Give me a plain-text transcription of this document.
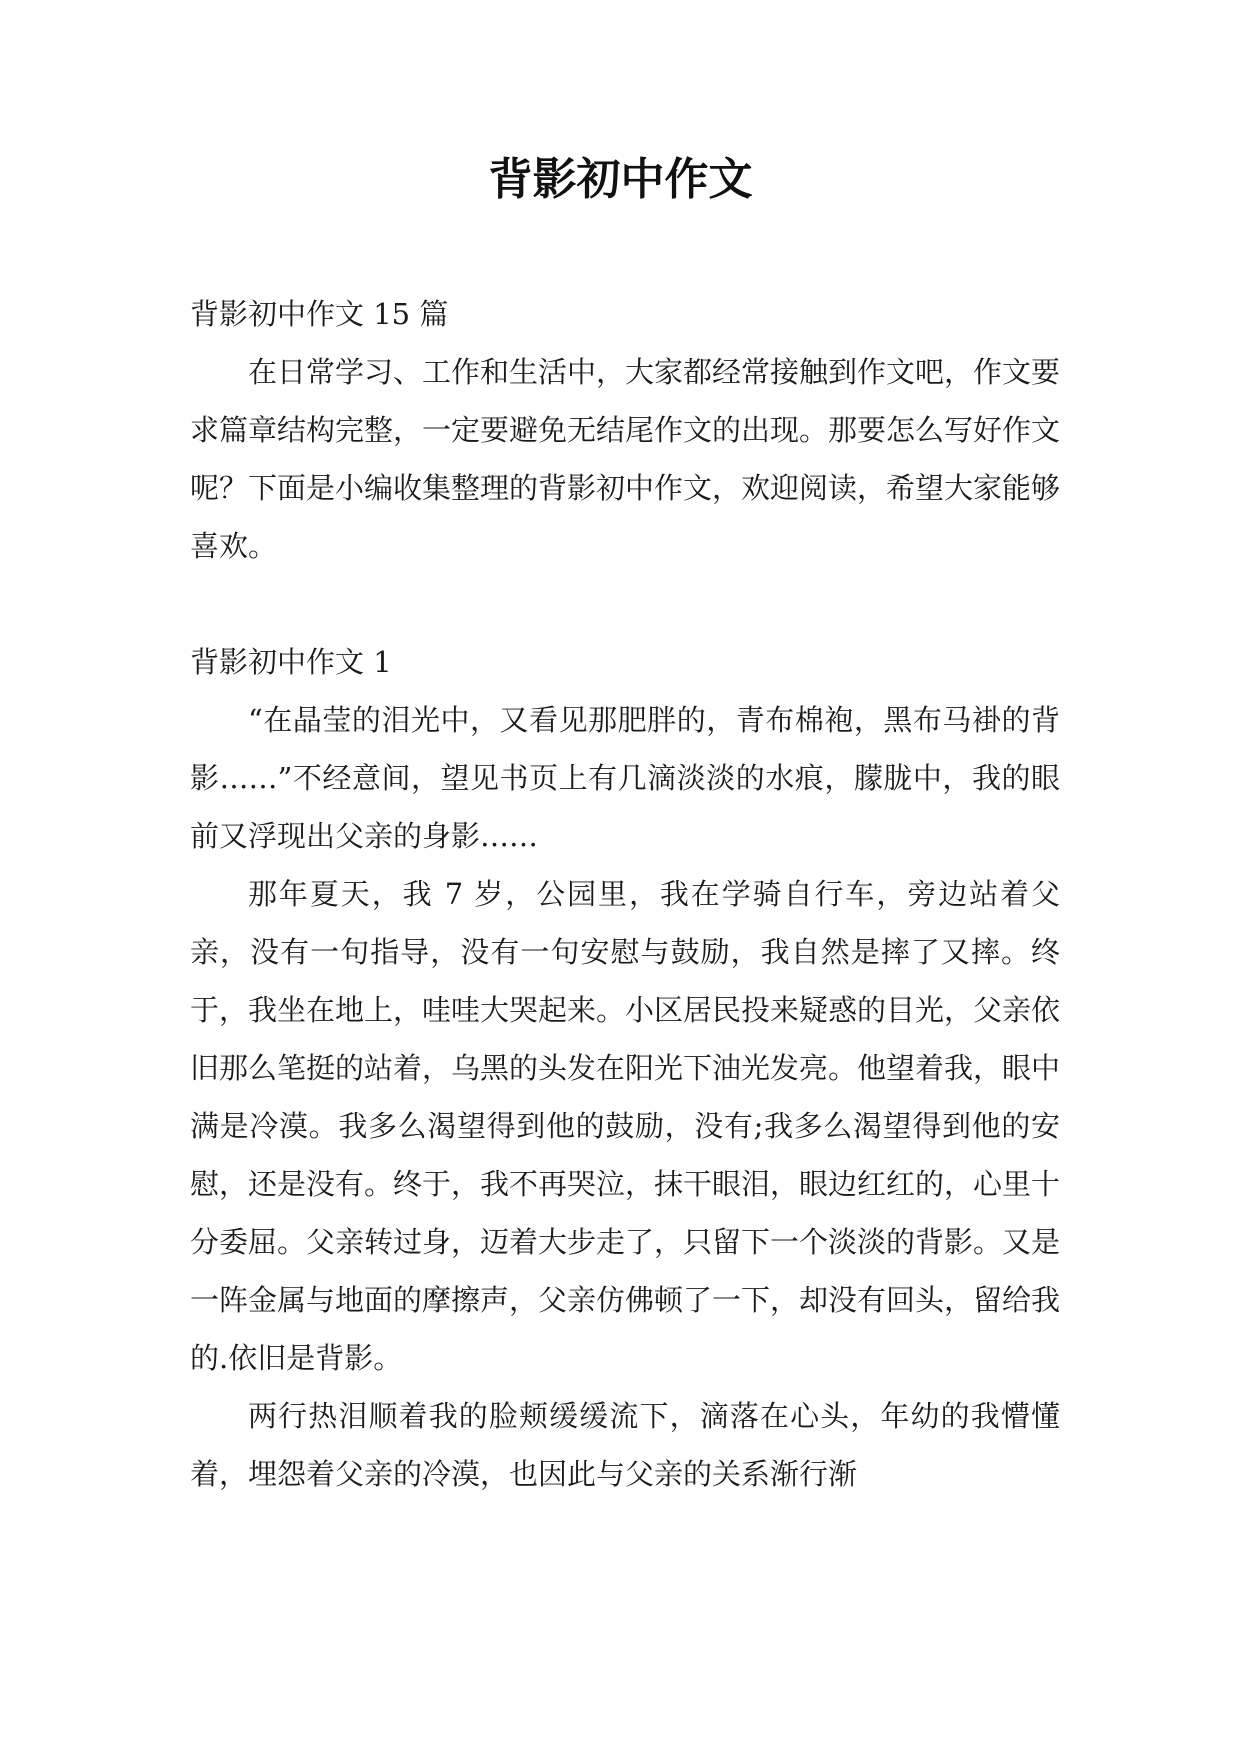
背影初中作文

背影初中作文 15 篇

在日常学习、工作和生活中，大家都经常接触到作文吧，作文要求篇章结构完整，一定要避免无结尾作文的出现。那要怎么写好作文呢？下面是小编收集整理的背影初中作文，欢迎阅读，希望大家能够喜欢。

背影初中作文 1

“在晶莹的泪光中，又看见那肥胖的，青布棉袍，黑布马褂的背影……”不经意间，望见书页上有几滴淡淡的水痕，朦胧中，我的眼前又浮现出父亲的身影……

那年夏天，我 7 岁，公园里，我在学骑自行车，旁边站着父亲，没有一句指导，没有一句安慰与鼓励，我自然是摔了又摔。终于，我坐在地上，哇哇大哭起来。小区居民投来疑惑的目光，父亲依旧那么笔挺的站着，乌黑的头发在阳光下油光发亮。他望着我，眼中满是冷漠。我多么渴望得到他的鼓励，没有;我多么渴望得到他的安慰，还是没有。终于，我不再哭泣，抹干眼泪，眼边红红的，心里十分委屈。父亲转过身，迈着大步走了，只留下一个淡淡的背影。又是一阵金属与地面的摩擦声，父亲仿佛顿了一下，却没有回头，留给我的.依旧是背影。

两行热泪顺着我的脸颊缓缓流下，滴落在心头，年幼的我懵懂着，埋怨着父亲的冷漠，也因此与父亲的关系渐行渐
